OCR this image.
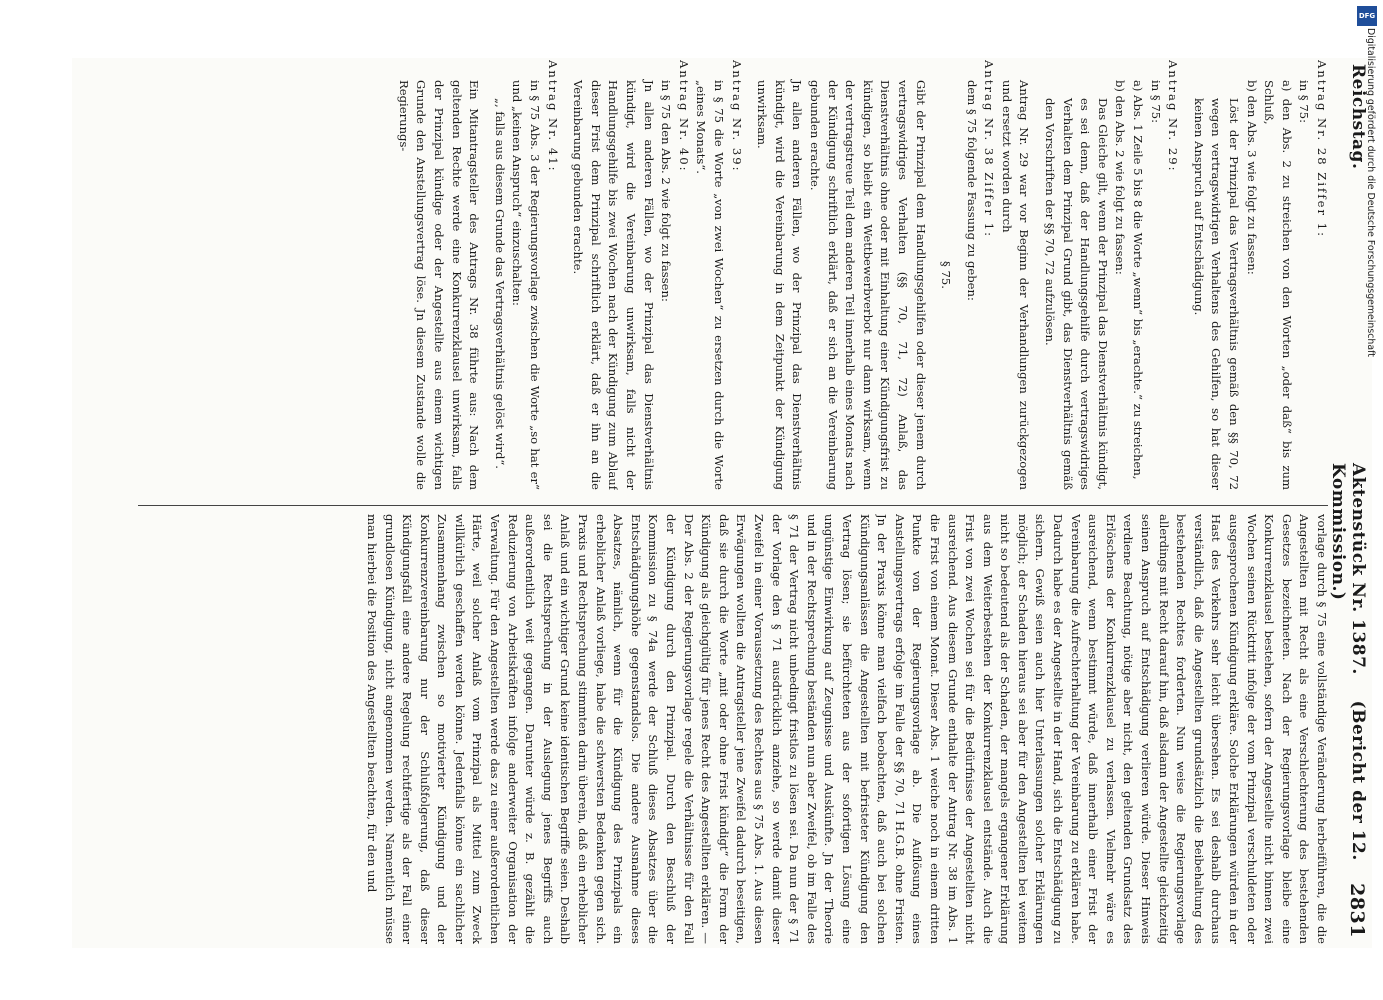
Reichstag.
Aktenstück Nr. 1387.    (Bericht der 12. Kommission.)
2831

Antrag Nr. 28 Ziffer 1:

in § 75:

a) den Abs. 2 zu streichen von den Worten „oder daß“ bis zum Schluß,

b) den Abs. 3 wie folgt zu fassen:

Löst der Prinzipal das Vertragsverhältnis gemäß den §§ 70, 72 wegen vertragswidrigen Verhaltens des Gehilfen, so hat dieser keinen Anspruch auf Entschädigung.

Antrag Nr. 29:

in § 75:

a) Abs. 1 Zeile 5 bis 8 die Worte „wenn“ bis „erachte.“ zu streichen,

b) den Abs. 2 wie folgt zu fassen:

Das Gleiche gilt, wenn der Prinzipal das Dienstverhältnis kündigt, es sei denn, daß der Handlungsgehilfe durch vertragswidriges Verhalten dem Prinzipal Grund gibt, das Dienstverhältnis gemäß den Vorschriften der §§ 70, 72 aufzulösen.

Antrag Nr. 29 war vor Beginn der Verhandlungen zurückgezogen und ersetzt worden durch

Antrag Nr. 38 Ziffer 1:

dem § 75 folgende Fassung zu geben:

§ 75.

Gibt der Prinzipal dem Handlungsgehilfen oder dieser jenem durch vertragswidriges Verhalten (§§ 70, 71, 72) Anlaß, das Dienstverhältnis ohne oder mit Einhaltung einer Kündigungsfrist zu kündigen, so bleibt ein Wettbewerbverbot nur dann wirksam, wenn der vertragstreue Teil dem anderen Teil innerhalb eines Monats nach der Kündigung schriftlich erklärt, daß er sich an die Vereinbarung gebunden erachte.

Jn allen anderen Fällen, wo der Prinzipal das Dienstverhältnis kündigt, wird die Vereinbarung in dem Zeitpunkt der Kündigung unwirksam.

Antrag Nr. 39:

in § 75 die Worte „von zwei Wochen“ zu ersetzen durch die Worte „eines Monats“.

Antrag Nr. 40:

in § 75 den Abs. 2 wie folgt zu fassen:

Jn allen anderen Fällen, wo der Prinzipal das Dienstverhältnis kündigt, wird die Vereinbarung unwirksam, falls nicht der Handlungsgehilfe bis zwei Wochen nach der Kündigung zum Ablauf dieser Frist dem Prinzipal schriftlich erklärt, daß er ihn an die Vereinbarung gebunden erachte.

Antrag Nr. 41:

in § 75 Abs. 3 der Regierungsvorlage zwischen die Worte „so hat er“ und „keinen Anspruch“ einzuschalten:

„, falls aus diesem Grunde das Vertragsverhältnis gelöst wird“.

Ein Mitantragsteller des Antrags Nr. 38 führte aus: Nach dem geltenden Rechte werde eine Konkurrenzklausel unwirksam, falls der Prinzipal kündige oder der Angestellte aus einem wichtigen Grunde den Anstellungsvertrag löse. Jn diesem Zustande wolle die Regierungs-

vorlage durch § 75 eine vollständige Veränderung herbeiführen, die die Angestellten mit Recht als eine Verschlechterung des bestehenden Gesetzes bezeichneten. Nach der Regierungsvorlage bleibe eine Konkurrenzklausel bestehen, sofern der Angestellte nicht binnen zwei Wochen seinen Rücktritt infolge der vom Prinzipal verschuldeten oder ausgesprochenen Kündigung erkläre. Solche Erklärungen würden in der Hast des Verkehrs sehr leicht übersehen. Es sei deshalb durchaus verständlich, daß die Angestellten grundsätzlich die Beibehaltung des bestehenden Rechtes forderten. Nun weise die Regierungsvorlage allerdings mit Recht darauf hin, daß alsdann der Angestellte gleichzeitig seinen Anspruch auf Entschädigung verlieren würde. Dieser Hinweis verdiene Beachtung, nötige aber nicht, den geltenden Grundsatz des Erlöschens der Konkurrenzklausel zu verlassen. Vielmehr wäre es ausreichend, wenn bestimmt würde, daß innerhalb einer Frist der Vereinbarung die Aufrechterhaltung der Vereinbarung zu erklären habe. Dadurch habe es der Angestellte in der Hand, sich die Entschädigung zu sichern. Gewiß seien auch hier Unterlassungen solcher Erklärungen möglich; der Schaden hieraus sei aber für den Angestellten bei weitem nicht so bedeutend als der Schaden, der mangels ergangener Erklärung aus dem Weiterbestehen der Konkurrenzklausel entstände. Auch die Frist von zwei Wochen sei für die Bedürfnisse der Angestellten nicht ausreichend. Aus diesem Grunde enthalte der Antrag Nr. 38 im Abs. 1 die Frist von einem Monat. Dieser Abs. 1 weiche noch in einem dritten Punkte von der Regierungsvorlage ab. Die Auflösung eines Anstellungsvertrags erfolge im Falle der §§ 70, 71 H.G.B. ohne Fristen. Jn der Praxis könne man vielfach beobachten, daß auch bei solchen Kündigungsanlässen die Angestellten mit befristeter Kündigung den Vertrag lösen; sie befürchteten aus der sofortigen Lösung eine ungünstige Einwirkung auf Zeugnisse und Auskünfte. Jn der Theorie und in der Rechtsprechung beständen nun aber Zweifel, ob im Falle des § 71 der Vertrag nicht unbedingt fristlos zu lösen sei. Da nun der § 71 der Vorlage den § 71 ausdrücklich anziehe, so werde damit dieser Zweifel in einer Voraussetzung des Rechtes aus § 75 Abs. 1. Aus diesen Erwägungen wollten die Antragsteller jene Zweifel dadurch beseitigen, daß sie durch die Worte „mit oder ohne Frist kündigt“ die Form der Kündigung als gleichgültig für jenes Recht des Angestellten erklären. — Der Abs. 2 der Regierungsvorlage regele die Verhältnisse für den Fall der Kündigung durch den Prinzipal. Durch den Beschluß der Kommission zu § 74a werde der Schluß dieses Absatzes über die Entschädigungshöhe gegenstandslos. Die andere Ausnahme dieses Absatzes, nämlich, wenn für die Kündigung des Prinzipals ein erheblicher Anlaß vorliege, habe die schwersten Bedenken gegen sich. Praxis und Rechtsprechung stimmten darin überein, daß ein erheblicher Anlaß und ein wichtiger Grund keine identischen Begriffe seien. Deshalb sei die Rechtsprechung in der Auslegung jenes Begriffs auch außerordentlich weit gegangen. Darunter würde z. B. gezählt die Reduzierung von Arbeitskräften infolge anderweiter Organisation der Verwaltung. Für den Angestellten werde das zu einer außerordentlichen Härte, weil solcher Anlaß vom Prinzipal als Mittel zum Zweck willkürlich geschaffen werden könne. Jedenfalls könne ein sachlicher Zusammenhang zwischen so motivierter Kündigung und der Konkurrenzvereinbarung nur der Schlußfolgerung, daß dieser Kündigungsfall eine andere Regelung rechtfertige als der Fall einer grundlosen Kündigung, nicht angenommen werden. Namentlich müsse man hierbei die Position des Angestellten beachten, für den und

DFG
Digitalisierung gefördert durch die Deutsche Forschungsgemeinschaft
